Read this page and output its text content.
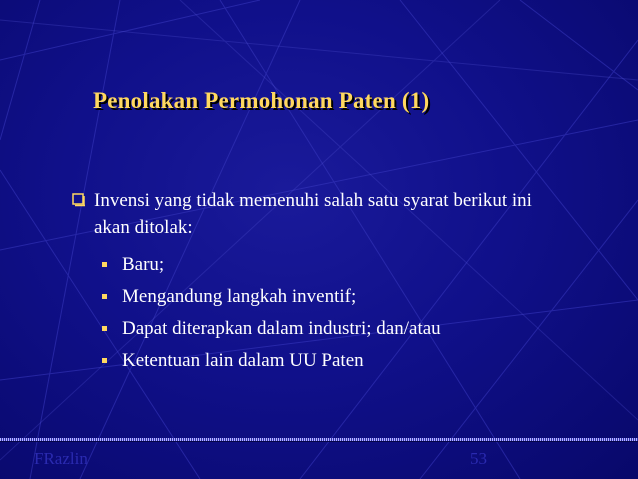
Penolakan Permohonan Paten (1)
Invensi yang tidak memenuhi salah satu syarat berikut ini akan ditolak:
Baru;
Mengandung langkah inventif;
Dapat diterapkan dalam industri; dan/atau
Ketentuan lain dalam UU Paten
FRazlin	53
